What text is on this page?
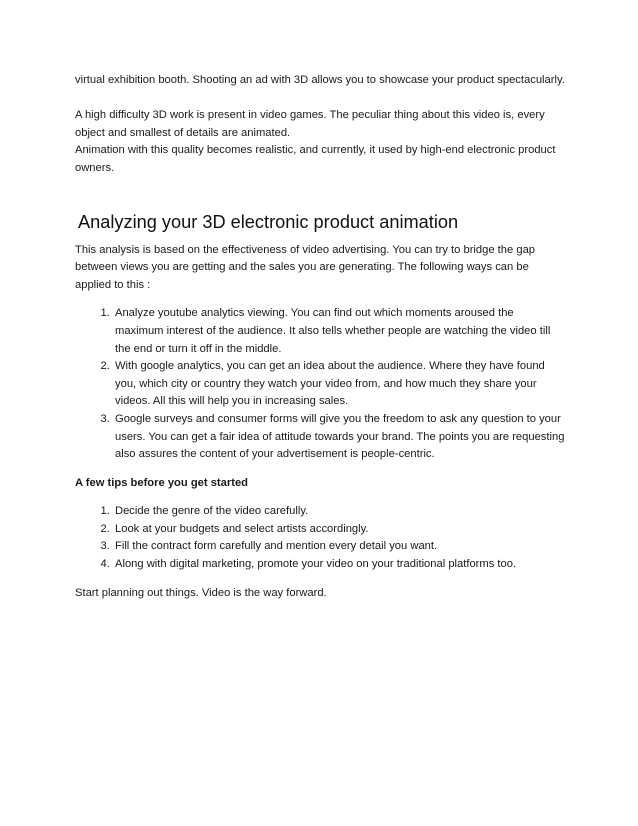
virtual exhibition booth. Shooting an ad with 3D allows you to showcase your product spectacularly.

A high difficulty 3D work is present in video games. The peculiar thing about this video is, every object and smallest of details are animated.

Animation with this quality becomes realistic, and currently, it used by high-end electronic product owners.

Analyzing your 3D electronic product animation

This analysis is based on the effectiveness of video advertising. You can try to bridge the gap between views you are getting and the sales you are generating. The following ways can be applied to this :

1. Analyze youtube analytics viewing. You can find out which moments aroused the maximum interest of the audience. It also tells whether people are watching the video till the end or turn it off in the middle.
2. With google analytics, you can get an idea about the audience. Where they have found you, which city or country they watch your video from, and how much they share your videos. All this will help you in increasing sales.
3. Google surveys and consumer forms will give you the freedom to ask any question to your users. You can get a fair idea of attitude towards your brand. The points you are requesting also assures the content of your advertisement is people-centric.

A few tips before you get started

1. Decide the genre of the video carefully.
2. Look at your budgets and select artists accordingly.
3. Fill the contract form carefully and mention every detail you want.
4. Along with digital marketing, promote your video on your traditional platforms too.

Start planning out things. Video is the way forward.
